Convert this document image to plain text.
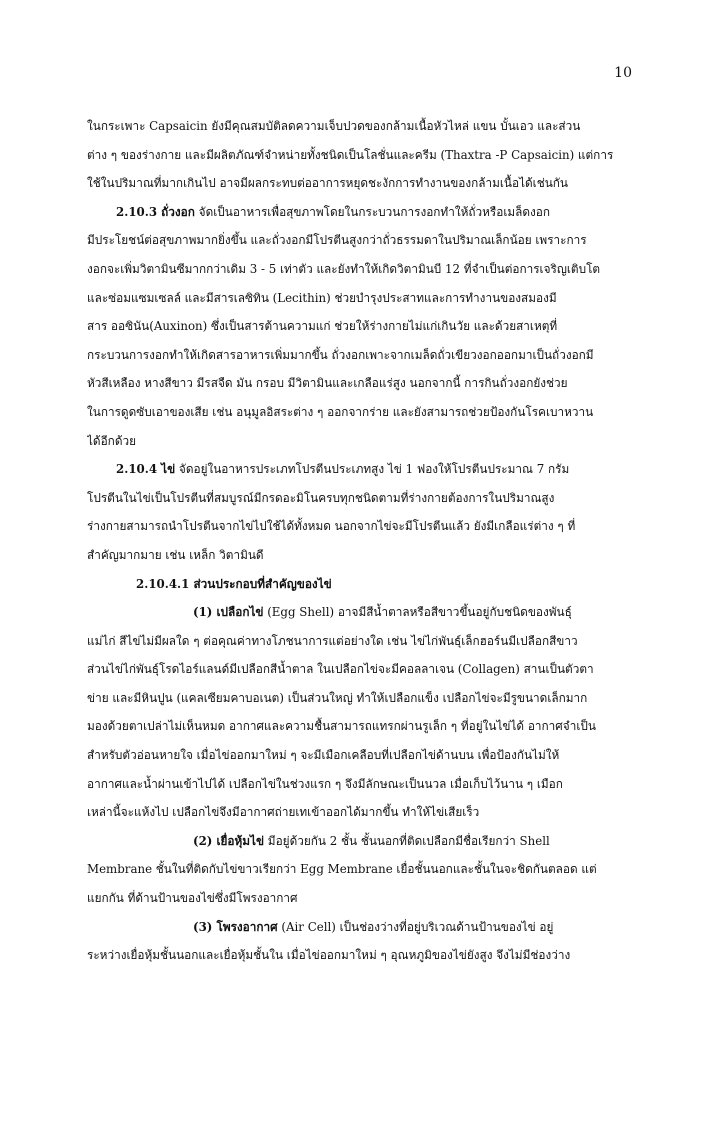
10
ในกระเพาะ Capsaicin ยังมีคุณสมบัติลดความเจ็บปวดของกล้ามเนื้อหัวไหล่ แขน บั้นเอว และส่วน
ต่าง ๆ ของร่างกาย และมีผลิตภัณฑ์จำหน่ายทั้งชนิดเป็นโลชั่นและครีม (Thaxtra -P Capsaicin) แต่การ
ใช้ในปริมาณที่มากเกินไป อาจมีผลกระทบต่ออาการหยุดชะงักการทำงานของกล้ามเนื้อได้เช่นกัน
2.10.3 ถั่วงอก จัดเป็นอาหารเพื่อสุขภาพโดยในกระบวนการงอกทำให้ถั่วหรือเมล็ดงอก
มีประโยชน์ต่อสุขภาพมากยิ่งขึ้น และถั่วงอกมีโปรตีนสูงกว่าถั่วธรรมดาในปริมาณเล็กน้อย เพราะการ
งอกจะเพิ่มวิตามินซีมากกว่าเดิม 3 - 5 เท่าตัว และยังทำให้เกิดวิตามินบี 12 ที่จำเป็นต่อการเจริญเติบโต
และซ่อมแซมเซลล์ และมีสารเลซิทิน (Lecithin) ช่วยบำรุงประสาทและการทำงานของสมองมี
สาร ออซินัน(Auxinon) ซึ่งเป็นสารต้านความแก่ ช่วยให้ร่างกายไม่แก่เกินวัย และด้วยสาเหตุที่
กระบวนการงอกทำให้เกิดสารอาหารเพิ่มมากขึ้น ถั่วงอกเพาะจากเมล็ดถั่วเขียวงอกออกมาเป็นถั่วงอกมี
หัวสีเหลือง หางสีขาว มีรสจืด มัน กรอบ มีวิตามินและเกลือแร่สูง นอกจากนี้ การกินถั่วงอกยังช่วย
ในการดูดซับเอาของเสีย เช่น อนุมูลอิสระต่าง ๆ ออกจากร่าย และยังสามารถช่วยป้องกันโรคเบาหวาน
ได้อีกด้วย
2.10.4 ไข่ จัดอยู่ในอาหารประเภทโปรตีนประเภทสูง ไข่ 1 ฟองให้โปรตีนประมาณ 7 กรัม
โปรตีนในไข่เป็นโปรตีนที่สมบูรณ์มีกรดอะมิโนครบทุกชนิดตามที่ร่างกายต้องการในปริมาณสูง
ร่างกายสามารถนำโปรตีนจากไข่ไปใช้ได้ทั้งหมด นอกจากไข่จะมีโปรตีนแล้ว ยังมีเกลือแร่ต่าง ๆ ที่
สำคัญมากมาย เช่น เหล็ก วิตามินดี
2.10.4.1 ส่วนประกอบที่สำคัญของไข่
(1) เปลือกไข่ (Egg Shell) อาจมีสีน้ำตาลหรือสีขาวขึ้นอยู่กับชนิดของพันธุ์
แม่ไก่ สีไข่ไม่มีผลใด ๆ ต่อคุณค่าทางโภชนาการแต่อย่างใด เช่น ไข่ไก่พันธุ์เล็กฮอร์นมีเปลือกสีขาว
ส่วนไข่ไก่พันธุ์โรดไอร์แลนด์มีเปลือกสีน้ำตาล ในเปลือกไข่จะมีคอลลาเจน (Collagen) สานเป็นตัวตา
ข่าย และมีหินปูน (แคลเซียมคาบอเนต) เป็นส่วนใหญ่ ทำให้เปลือกแข็ง เปลือกไข่จะมีรูขนาดเล็กมาก
มองด้วยตาเปล่าไม่เห็นหมด อากาศและความชื้นสามารถแทรกผ่านรูเล็ก ๆ ที่อยู่ในไข่ได้ อากาศจำเป็น
สำหรับตัวอ่อนหายใจ เมื่อไข่ออกมาใหม่ ๆ จะมีเมือกเคลือบที่เปลือกไข่ด้านบน เพื่อป้องกันไม่ให้
อากาศและน้ำผ่านเข้าไปได้ เปลือกไข่ในช่วงแรก ๆ จึงมีลักษณะเป็นนวล เมื่อเก็บไว้นาน ๆ เมือก
เหล่านี้จะแห้งไป เปลือกไข่จึงมีอากาศถ่ายเทเข้าออกได้มากขึ้น ทำให้ไข่เสียเร็ว
(2) เยื่อหุ้มไข่ มีอยู่ด้วยกัน 2 ชั้น ชั้นนอกที่ติดเปลือกมีชื่อเรียกว่า Shell
Membrane ชั้นในที่ติดกับไข่ขาวเรียกว่า Egg Membrane เยื่อชั้นนอกและชั้นในจะชิดกันตลอด แต่
แยกกัน ที่ด้านป้านของไข่ซึ่งมีโพรงอากาศ
(3) โพรงอากาศ (Air Cell) เป็นช่องว่างที่อยู่บริเวณด้านป้านของไข่ อยู่
ระหว่างเยื่อหุ้มชั้นนอกและเยื่อหุ้มชั้นใน เมื่อไข่ออกมาใหม่ ๆ อุณหภูมิของไข่ยังสูง จึงไม่มีช่องว่าง
